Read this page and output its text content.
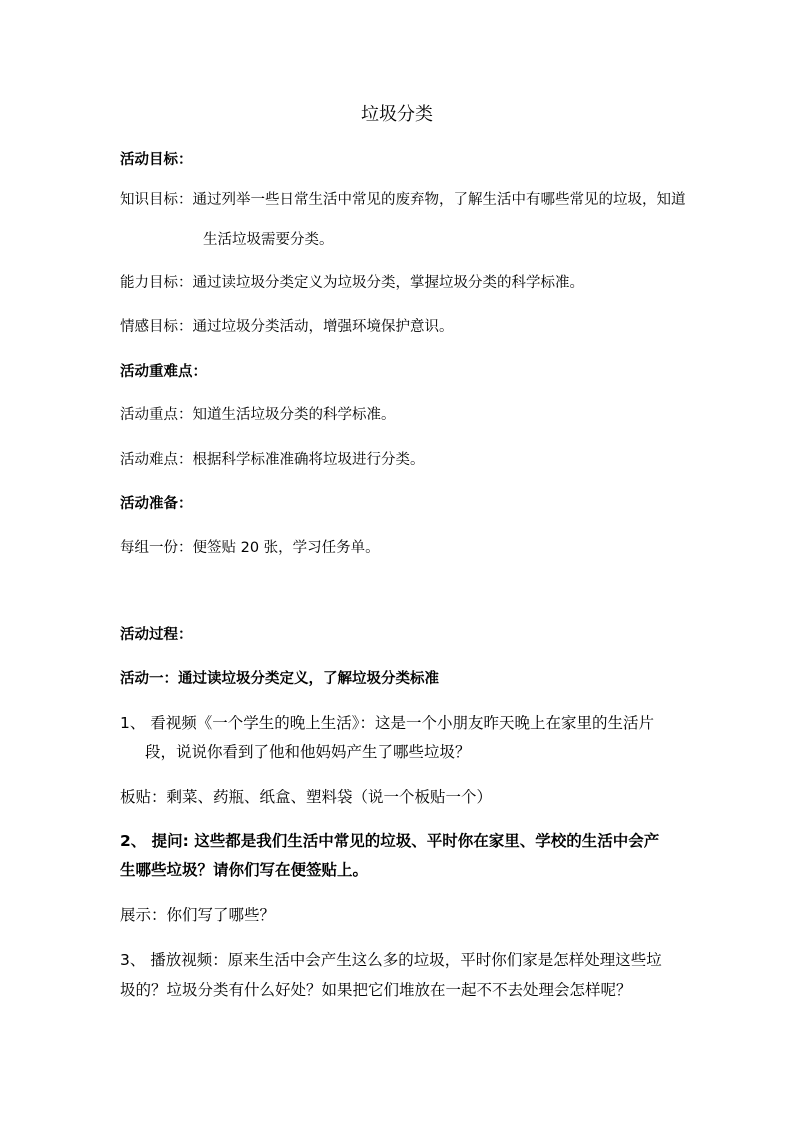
垃圾分类
活动目标：
知识目标：通过列举一些日常生活中常见的废弃物，了解生活中有哪些常见的垃圾，知道
生活垃圾需要分类。
能力目标：通过读垃圾分类定义为垃圾分类，掌握垃圾分类的科学标准。
情感目标：通过垃圾分类活动，增强环境保护意识。
活动重难点：
活动重点：知道生活垃圾分类的科学标准。
活动难点：根据科学标准准确将垃圾进行分类。
活动准备：
每组一份：便签贴 20 张，学习任务单。
活动过程：
活动一：通过读垃圾分类定义，了解垃圾分类标准
1、 看视频《一个学生的晚上生活》：这是一个小朋友昨天晚上在家里的生活片
段，说说你看到了他和他妈妈产生了哪些垃圾？
板贴：剩菜、药瓶、纸盒、塑料袋（说一个板贴一个）
2、 提问: 这些都是我们生活中常见的垃圾、平时你在家里、学校的生活中会产
生哪些垃圾？请你们写在便签贴上。
展示：你们写了哪些？
3、 播放视频：原来生活中会产生这么多的垃圾，平时你们家是怎样处理这些垃
圾的？垃圾分类有什么好处？如果把它们堆放在一起不不去处理会怎样呢？
